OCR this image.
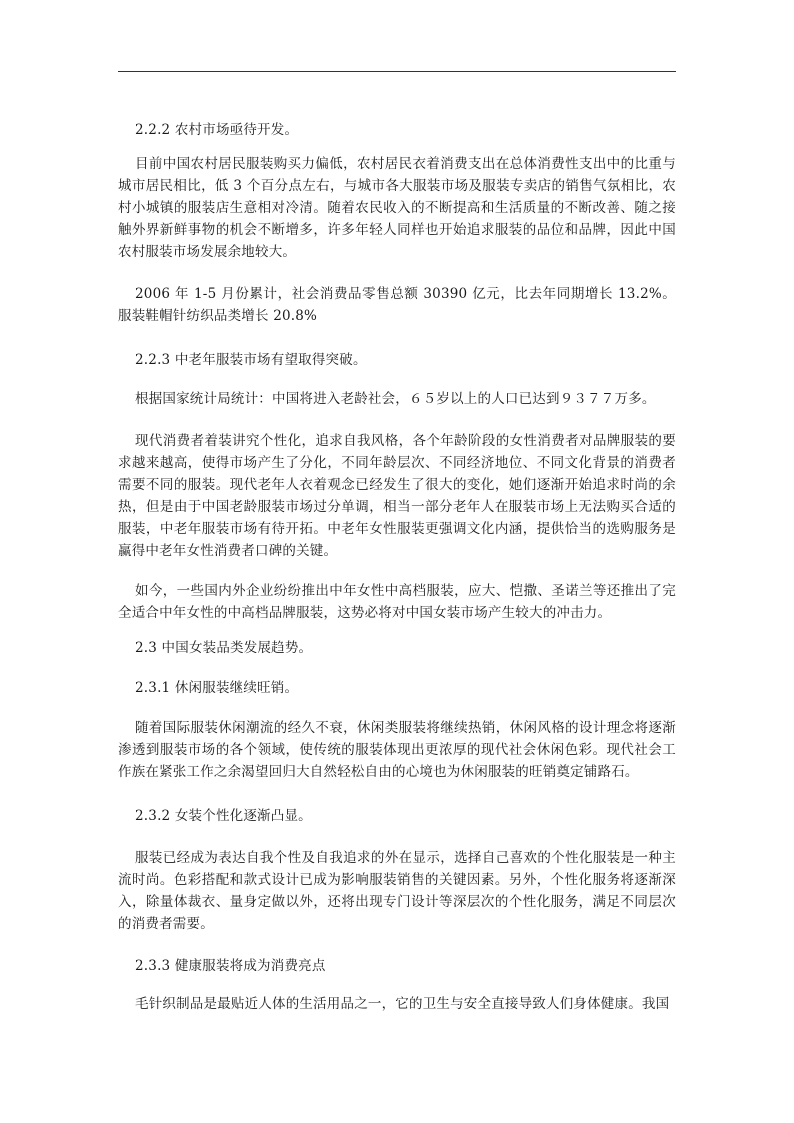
2.2.2 农村市场亟待开发。

目前中国农村居民服装购买力偏低，农村居民衣着消费支出在总体消费性支出中的比重与城市居民相比，低 3 个百分点左右，与城市各大服装市场及服装专卖店的销售气氛相比，农村小城镇的服装店生意相对冷清。随着农民收入的不断提高和生活质量的不断改善、随之接触外界新鲜事物的机会不断增多，许多年轻人同样也开始追求服装的品位和品牌，因此中国农村服装市场发展余地较大。

2006 年 1-5 月份累计，社会消费品零售总额 30390 亿元，比去年同期增长 13.2%。服装鞋帽针纺织品类增长 20.8%

2.2.3 中老年服装市场有望取得突破。

根据国家统计局统计：中国将进入老龄社会，６５岁以上的人口已达到９３７７万多。

现代消费者着装讲究个性化，追求自我风格，各个年龄阶段的女性消费者对品牌服装的要求越来越高，使得市场产生了分化，不同年龄层次、不同经济地位、不同文化背景的消费者需要不同的服装。现代老年人衣着观念已经发生了很大的变化，她们逐渐开始追求时尚的余热，但是由于中国老龄服装市场过分单调，相当一部分老年人在服装市场上无法购买合适的服装，中老年服装市场有待开拓。中老年女性服装更强调文化内涵，提供恰当的选购服务是赢得中老年女性消费者口碑的关键。

如今，一些国内外企业纷纷推出中年女性中高档服装，应大、恺撒、圣诺兰等还推出了完全适合中年女性的中高档品牌服装，这势必将对中国女装市场产生较大的冲击力。

2.3 中国女装品类发展趋势。

2.3.1 休闲服装继续旺销。

随着国际服装休闲潮流的经久不衰，休闲类服装将继续热销，休闲风格的设计理念将逐渐渗透到服装市场的各个领域，使传统的服装体现出更浓厚的现代社会休闲色彩。现代社会工作族在紧张工作之余渴望回归大自然轻松自由的心境也为休闲服装的旺销奠定铺路石。

2.3.2 女装个性化逐渐凸显。

服装已经成为表达自我个性及自我追求的外在显示，选择自己喜欢的个性化服装是一种主流时尚。色彩搭配和款式设计已成为影响服装销售的关键因素。另外，个性化服务将逐渐深入，除量体裁衣、量身定做以外，还将出现专门设计等深层次的个性化服务，满足不同层次的消费者需要。

2.3.3 健康服装将成为消费亮点

毛针织制品是最贴近人体的生活用品之一，它的卫生与安全直接导致人们身体健康。我国
